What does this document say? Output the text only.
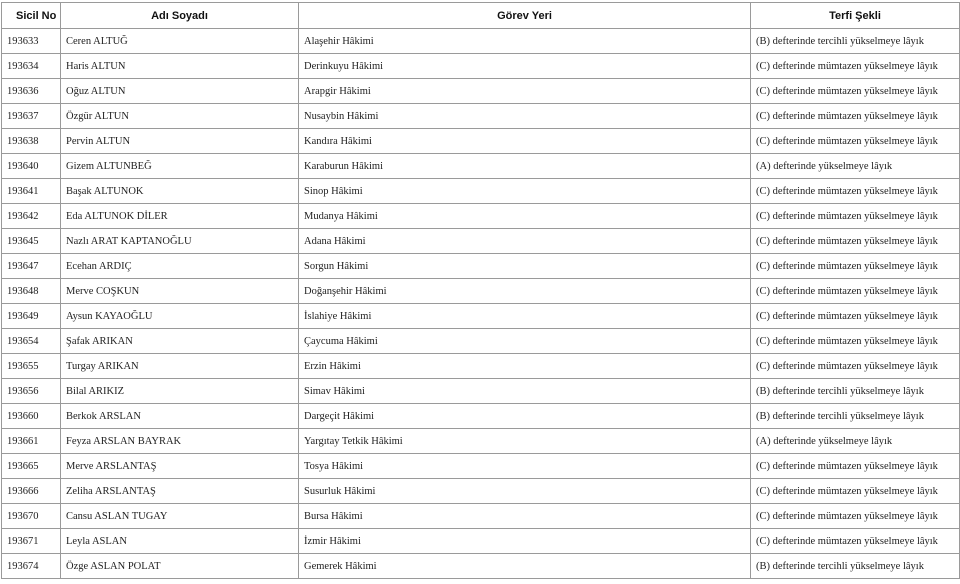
Sicil No	Adı Soyadı	Görev Yeri	Terfi Şekli
193633	Ceren ALTUĞ	Alaşehir Hâkimi	(B) defterinde tercihli yükselmeye lâyık
193634	Haris ALTUN	Derinkuyu Hâkimi	(C) defterinde mümtazen yükselmeye lâyık
193636	Oğuz ALTUN	Arapgir Hâkimi	(C) defterinde mümtazen yükselmeye lâyık
193637	Özgür ALTUN	Nusaybin Hâkimi	(C) defterinde mümtazen yükselmeye lâyık
193638	Pervin ALTUN	Kandıra Hâkimi	(C) defterinde mümtazen yükselmeye lâyık
193640	Gizem ALTUNBEĞ	Karaburun Hâkimi	(A) defterinde yükselmeye lâyık
193641	Başak ALTUNOK	Sinop Hâkimi	(C) defterinde mümtazen yükselmeye lâyık
193642	Eda ALTUNOK DİLER	Mudanya Hâkimi	(C) defterinde mümtazen yükselmeye lâyık
193645	Nazlı ARAT KAPTANOĞLU	Adana Hâkimi	(C) defterinde mümtazen yükselmeye lâyık
193647	Ecehan ARDIÇ	Sorgun Hâkimi	(C) defterinde mümtazen yükselmeye lâyık
193648	Merve COŞKUN	Doğanşehir Hâkimi	(C) defterinde mümtazen yükselmeye lâyık
193649	Aysun KAYAOĞLU	İslahiye Hâkimi	(C) defterinde mümtazen yükselmeye lâyık
193654	Şafak ARIKAN	Çaycuma Hâkimi	(C) defterinde mümtazen yükselmeye lâyık
193655	Turgay ARIKAN	Erzin Hâkimi	(C) defterinde mümtazen yükselmeye lâyık
193656	Bilal ARIKIZ	Simav Hâkimi	(B) defterinde tercihli yükselmeye lâyık
193660	Berkok ARSLAN	Dargeçit Hâkimi	(B) defterinde tercihli yükselmeye lâyık
193661	Feyza ARSLAN BAYRAK	Yargıtay Tetkik Hâkimi	(A) defterinde yükselmeye lâyık
193665	Merve ARSLANTAŞ	Tosya Hâkimi	(C) defterinde mümtazen yükselmeye lâyık
193666	Zeliha ARSLANTAŞ	Susurluk Hâkimi	(C) defterinde mümtazen yükselmeye lâyık
193670	Cansu ASLAN TUGAY	Bursa Hâkimi	(C) defterinde mümtazen yükselmeye lâyık
193671	Leyla ASLAN	İzmir Hâkimi	(C) defterinde mümtazen yükselmeye lâyık
193674	Özge ASLAN POLAT	Gemerek Hâkimi	(B) defterinde tercihli yükselmeye lâyık
